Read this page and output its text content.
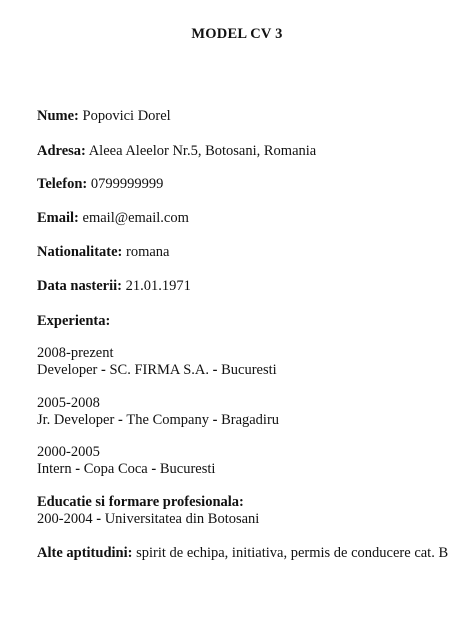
MODEL CV 3
Nume: Popovici Dorel
Adresa: Aleea Aleelor Nr.5, Botosani, Romania
Telefon: 0799999999
Email: email@email.com
Nationalitate: romana
Data nasterii: 21.01.1971
Experienta:
2008-prezent
Developer - SC. FIRMA S.A. - Bucuresti
2005-2008
Jr. Developer - The Company - Bragadiru
2000-2005
Intern - Copa Coca - Bucuresti
Educatie si formare profesionala:
200-2004 - Universitatea din Botosani
Alte aptitudini: spirit de echipa, initiativa, permis de conducere cat. B
